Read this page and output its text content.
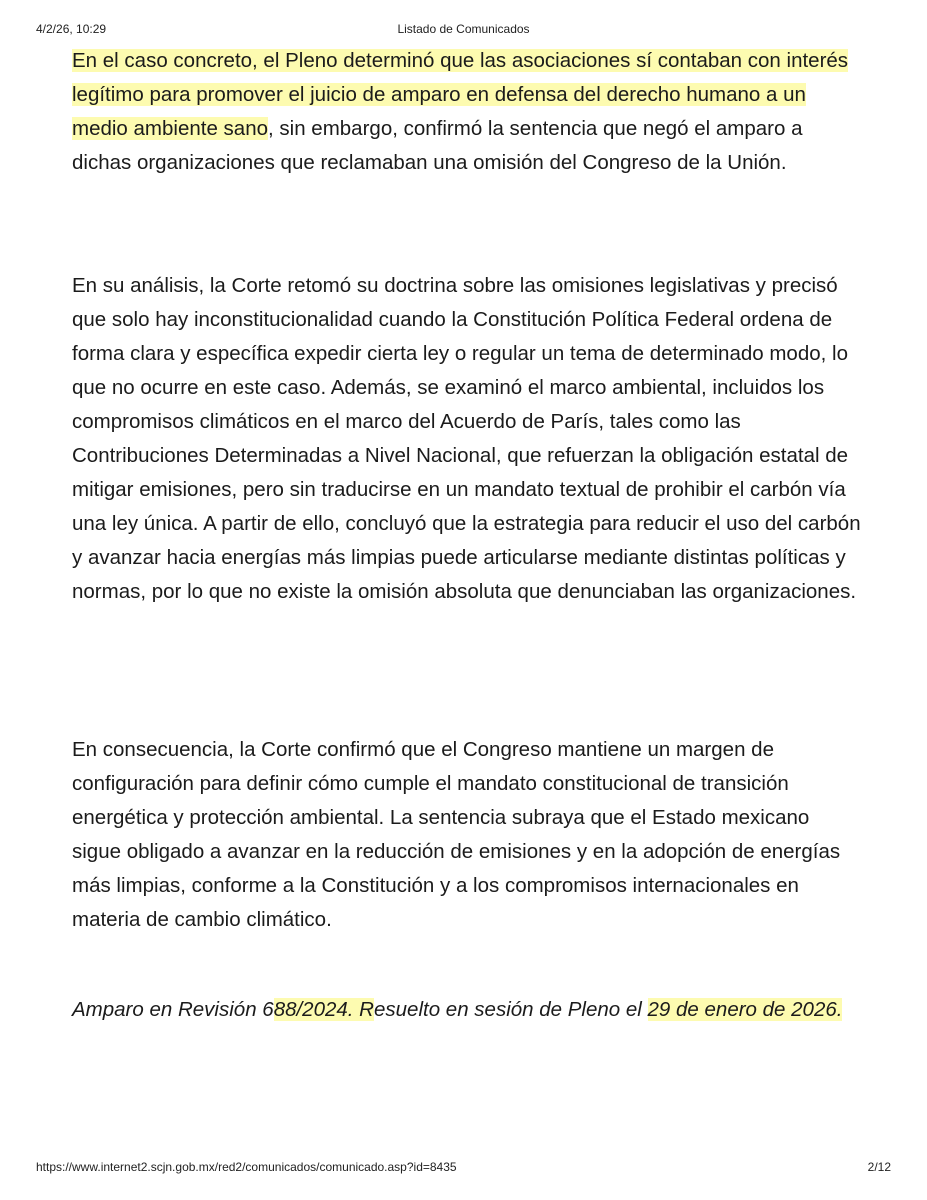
4/2/26, 10:29	Listado de Comunicados

En el caso concreto, el Pleno determinó que las asociaciones sí contaban con interés legítimo para promover el juicio de amparo en defensa del derecho humano a un medio ambiente sano, sin embargo, confirmó la sentencia que negó el amparo a dichas organizaciones que reclamaban una omisión del Congreso de la Unión.

En su análisis, la Corte retomó su doctrina sobre las omisiones legislativas y precisó que solo hay inconstitucionalidad cuando la Constitución Política Federal ordena de forma clara y específica expedir cierta ley o regular un tema de determinado modo, lo que no ocurre en este caso. Además, se examinó el marco ambiental, incluidos los compromisos climáticos en el marco del Acuerdo de París, tales como las Contribuciones Determinadas a Nivel Nacional, que refuerzan la obligación estatal de mitigar emisiones, pero sin traducirse en un mandato textual de prohibir el carbón vía una ley única. A partir de ello, concluyó que la estrategia para reducir el uso del carbón y avanzar hacia energías más limpias puede articularse mediante distintas políticas y normas, por lo que no existe la omisión absoluta que denunciaban las organizaciones.

En consecuencia, la Corte confirmó que el Congreso mantiene un margen de configuración para definir cómo cumple el mandato constitucional de transición energética y protección ambiental. La sentencia subraya que el Estado mexicano sigue obligado a avanzar en la reducción de emisiones y en la adopción de energías más limpias, conforme a la Constitución y a los compromisos internacionales en materia de cambio climático.

Amparo en Revisión 688/2024. Resuelto en sesión de Pleno el 29 de enero de 2026.

https://www.internet2.scjn.gob.mx/red2/comunicados/comunicado.asp?id=8435	2/12
